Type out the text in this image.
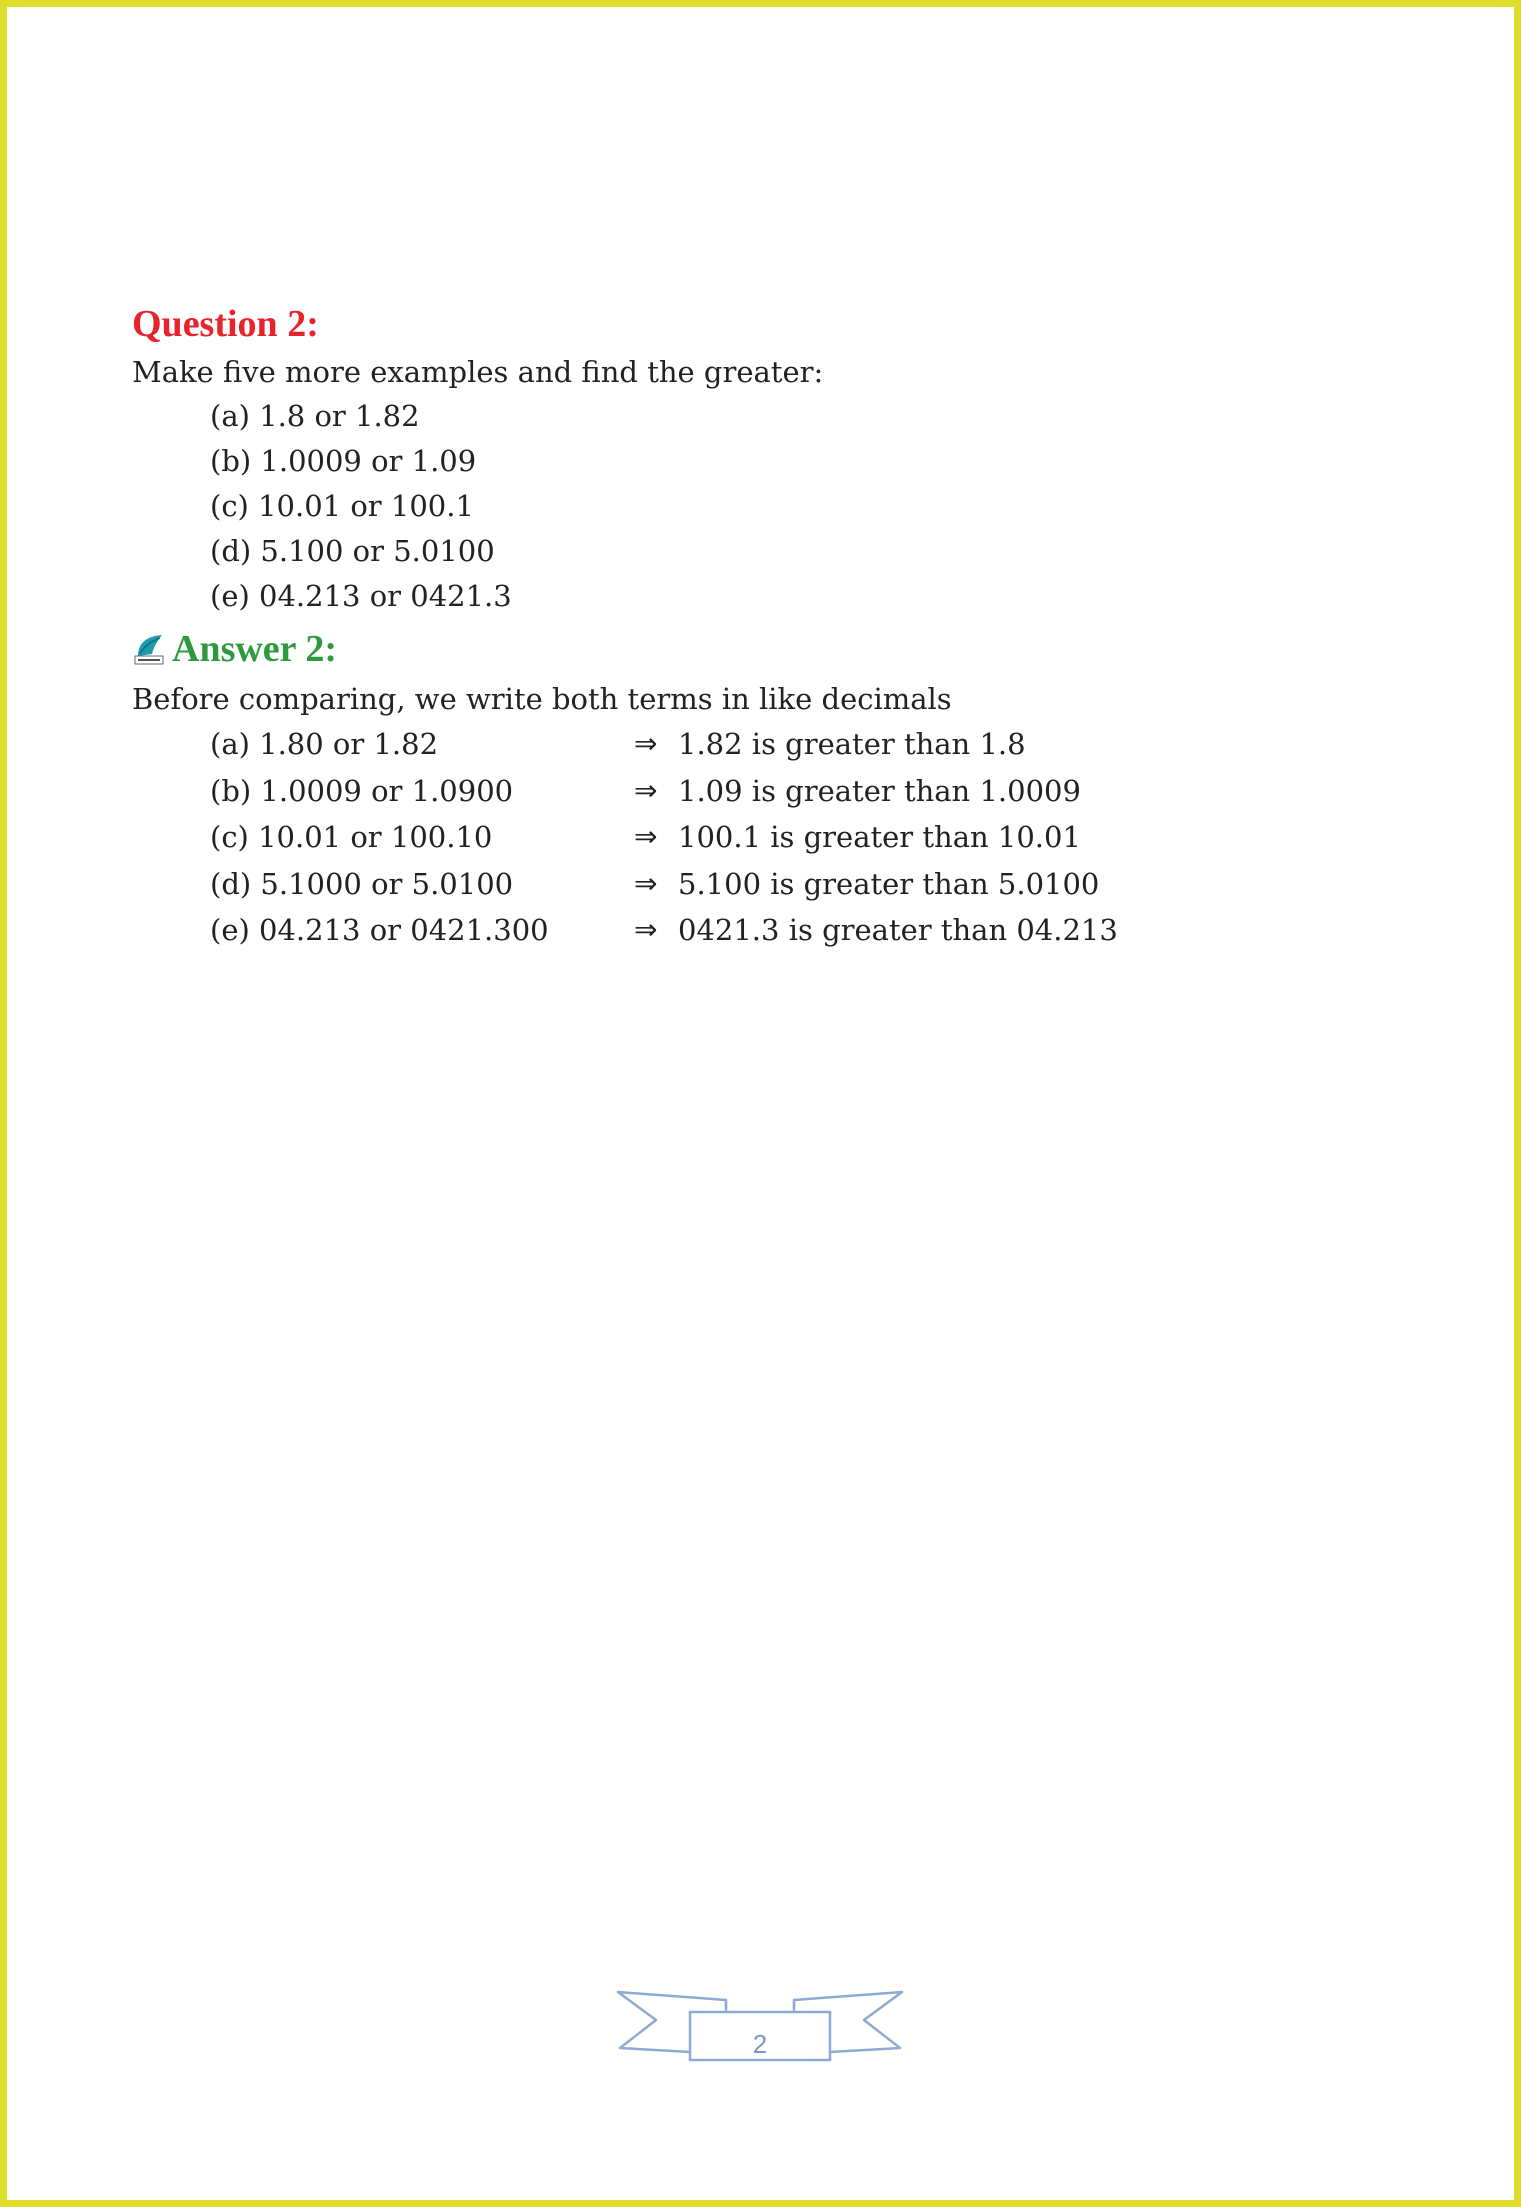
Question 2:
Make five more examples and find the greater:
(a) 1.8 or 1.82
(b) 1.0009 or 1.09
(c) 10.01 or 100.1
(d) 5.100 or 5.0100
(e) 04.213 or 0421.3
Answer 2:
Before comparing, we write both terms in like decimals
(a) 1.80 or 1.82	⇒ 1.82 is greater than 1.8
(b) 1.0009 or 1.0900	⇒ 1.09 is greater than 1.0009
(c) 10.01 or 100.10	⇒ 100.1 is greater than 10.01
(d) 5.1000 or 5.0100	⇒ 5.100 is greater than 5.0100
(e) 04.213 or 0421.300	⇒ 0421.3 is greater than 04.213
2
